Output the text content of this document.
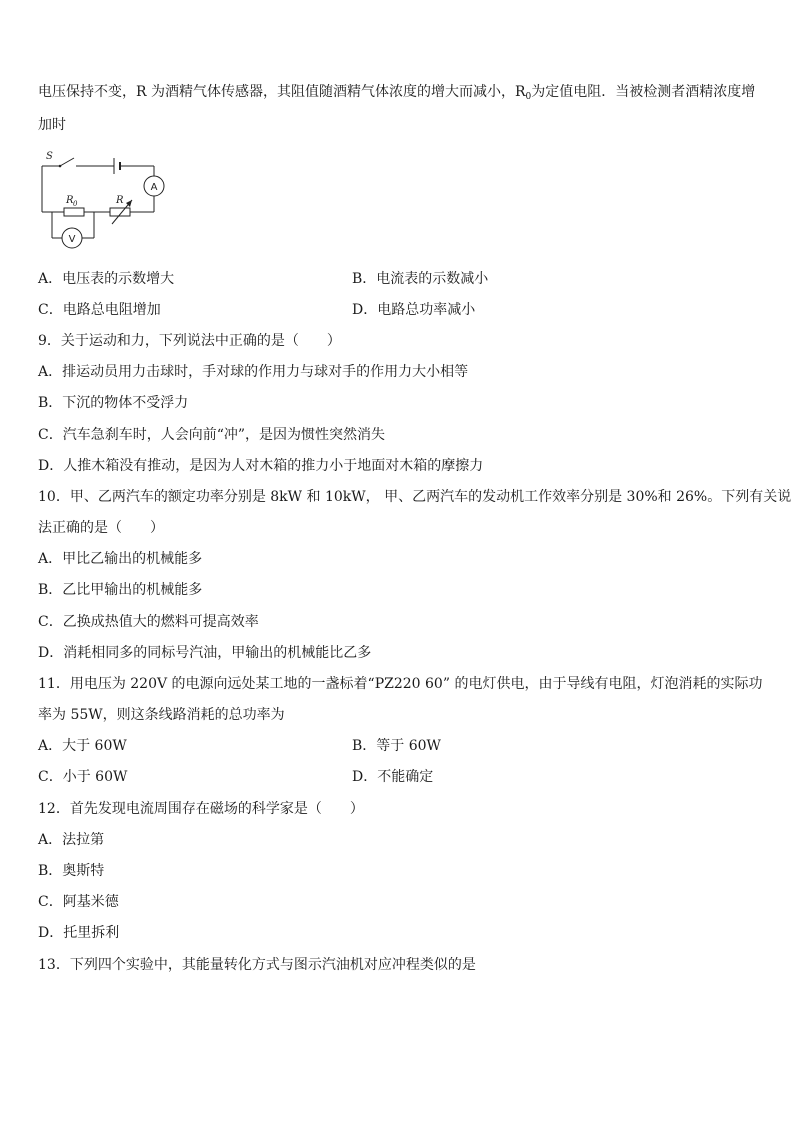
电压保持不变，R 为酒精气体传感器，其阻值随酒精气体浓度的增大而减小，$R_0$为定值电阻．当被检测者酒精浓度增
加时
S
R 0	R
A
V
A．电压表的示数增大	B．电流表的示数减小
C．电路总电阻增加	D．电路总功率减小
9．关于运动和力，下列说法中正确的是（　　）
A．排运动员用力击球时，手对球的作用力与球对手的作用力大小相等
B．下沉的物体不受浮力
C．汽车急刹车时，人会向前“冲”，是因为惯性突然消失
D．人推木箱没有推动，是因为人对木箱的推力小于地面对木箱的摩擦力
10．甲、乙两汽车的额定功率分别是 8kW 和 10kW， 甲、乙两汽车的发动机工作效率分别是 30%和 26%。下列有关说
法正确的是（　　）
A．甲比乙输出的机械能多
B．乙比甲输出的机械能多
C．乙换成热值大的燃料可提高效率
D．消耗相同多的同标号汽油，甲输出的机械能比乙多
11．用电压为 220V 的电源向远处某工地的一盏标着“PZ220 60” 的电灯供电，由于导线有电阻，灯泡消耗的实际功
率为 55W，则这条线路消耗的总功率为
A．大于 60W	B．等于 60W
C．小于 60W	D．不能确定
12．首先发现电流周围存在磁场的科学家是（　　）
A．法拉第
B．奥斯特
C．阿基米德
D．托里拆利
13．下列四个实验中，其能量转化方式与图示汽油机对应冲程类似的是
